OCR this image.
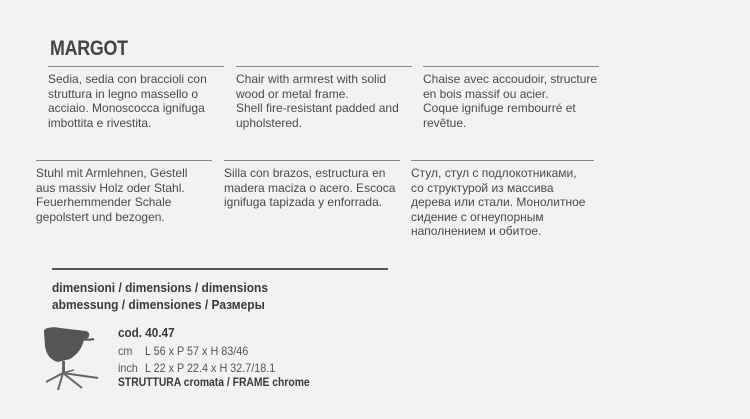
MARGOT

Sedia, sedia con braccioli con
struttura in legno massello o
acciaio. Monoscocca ignifuga
imbottita e rivestita.

Chair with armrest with solid
wood or metal frame.
Shell fire-resistant padded and
upholstered.

Chaise avec accoudoir, structure
en bois massif ou acier.
Coque ignifuge rembourré et
revêtue.

Stuhl mit Armlehnen, Gestell
aus massiv Holz oder Stahl.
Feuerhemmender Schale
gepolstert und bezogen.

Silla con brazos, estructura en
madera maciza o acero. Escoca
ignifuga tapizada y enforrada.

Стул, стул с подлокотниками,
со структурой из массива
дерева или стали. Монолитное
сидение с огнеупорным
наполнением и обитое.

dimensioni / dimensions / dimensions

abmessung / dimensiones / Размеры

cod. 40.47

cm L 56 x P 57 x H 83/46

inch L 22 x P 22.4 x H 32.7/18.1

STRUTTURA cromata / FRAME chrome
